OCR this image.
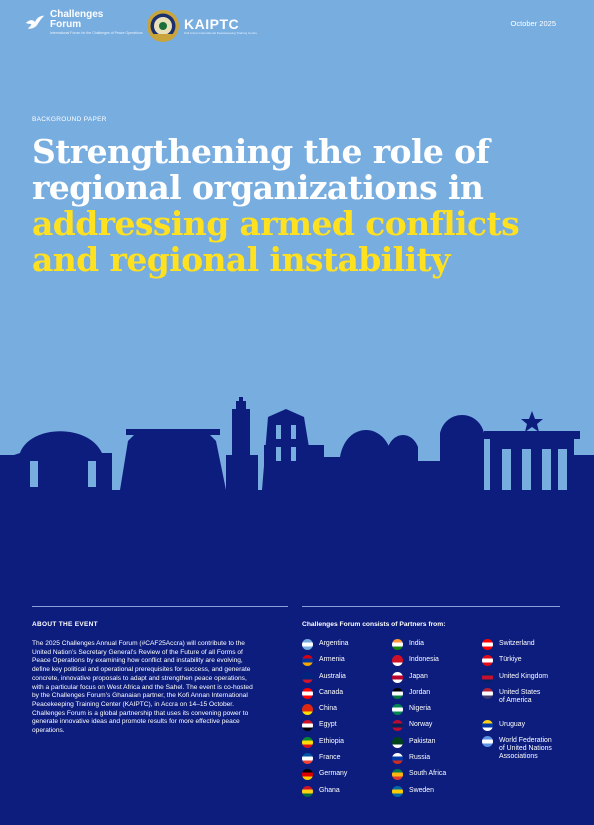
Challenges
Forum
International Forum for the Challenges of Peace Operations
KAIPTC
Kofi Annan International Peacekeeping Training Centre
October 2025
BACKGROUND PAPER
Strengthening the role of
regional organizations in
addressing armed conflicts
and regional instability
ABOUT THE EVENT

The 2025 Challenges Annual Forum (#CAF25Accra) will contribute to the United Nation’s Secretary General’s Review of the Future of all Forms of Peace Operations by examining how conflict and instability are evolving, define key political and operational prerequisites for success, and generate concrete, innovative proposals to adapt and strengthen peace operations, with a particular focus on West Africa and the Sahel. The event is co-hosted by the Challenges Forum’s Ghanaian partner, the Kofi Annan International Peacekeeping Training Center (KAIPTC), in Accra on 14–15 October. Challenges Forum is a global partnership that uses its convening power to generate innovative ideas and promote results for more effective peace operations.

Challenges Forum consists of Partners from:
Argentina
Armenia
Australia
Canada
China
Egypt
Ethiopia
France
Germany
Ghana
India
Indonesia
Japan
Jordan
Nigeria
Norway
Pakistan
Russia
South Africa
Sweden
Switzerland
Türkiye
United Kingdom
United States
of America
Uruguay
World Federation
of United Nations
Associations
